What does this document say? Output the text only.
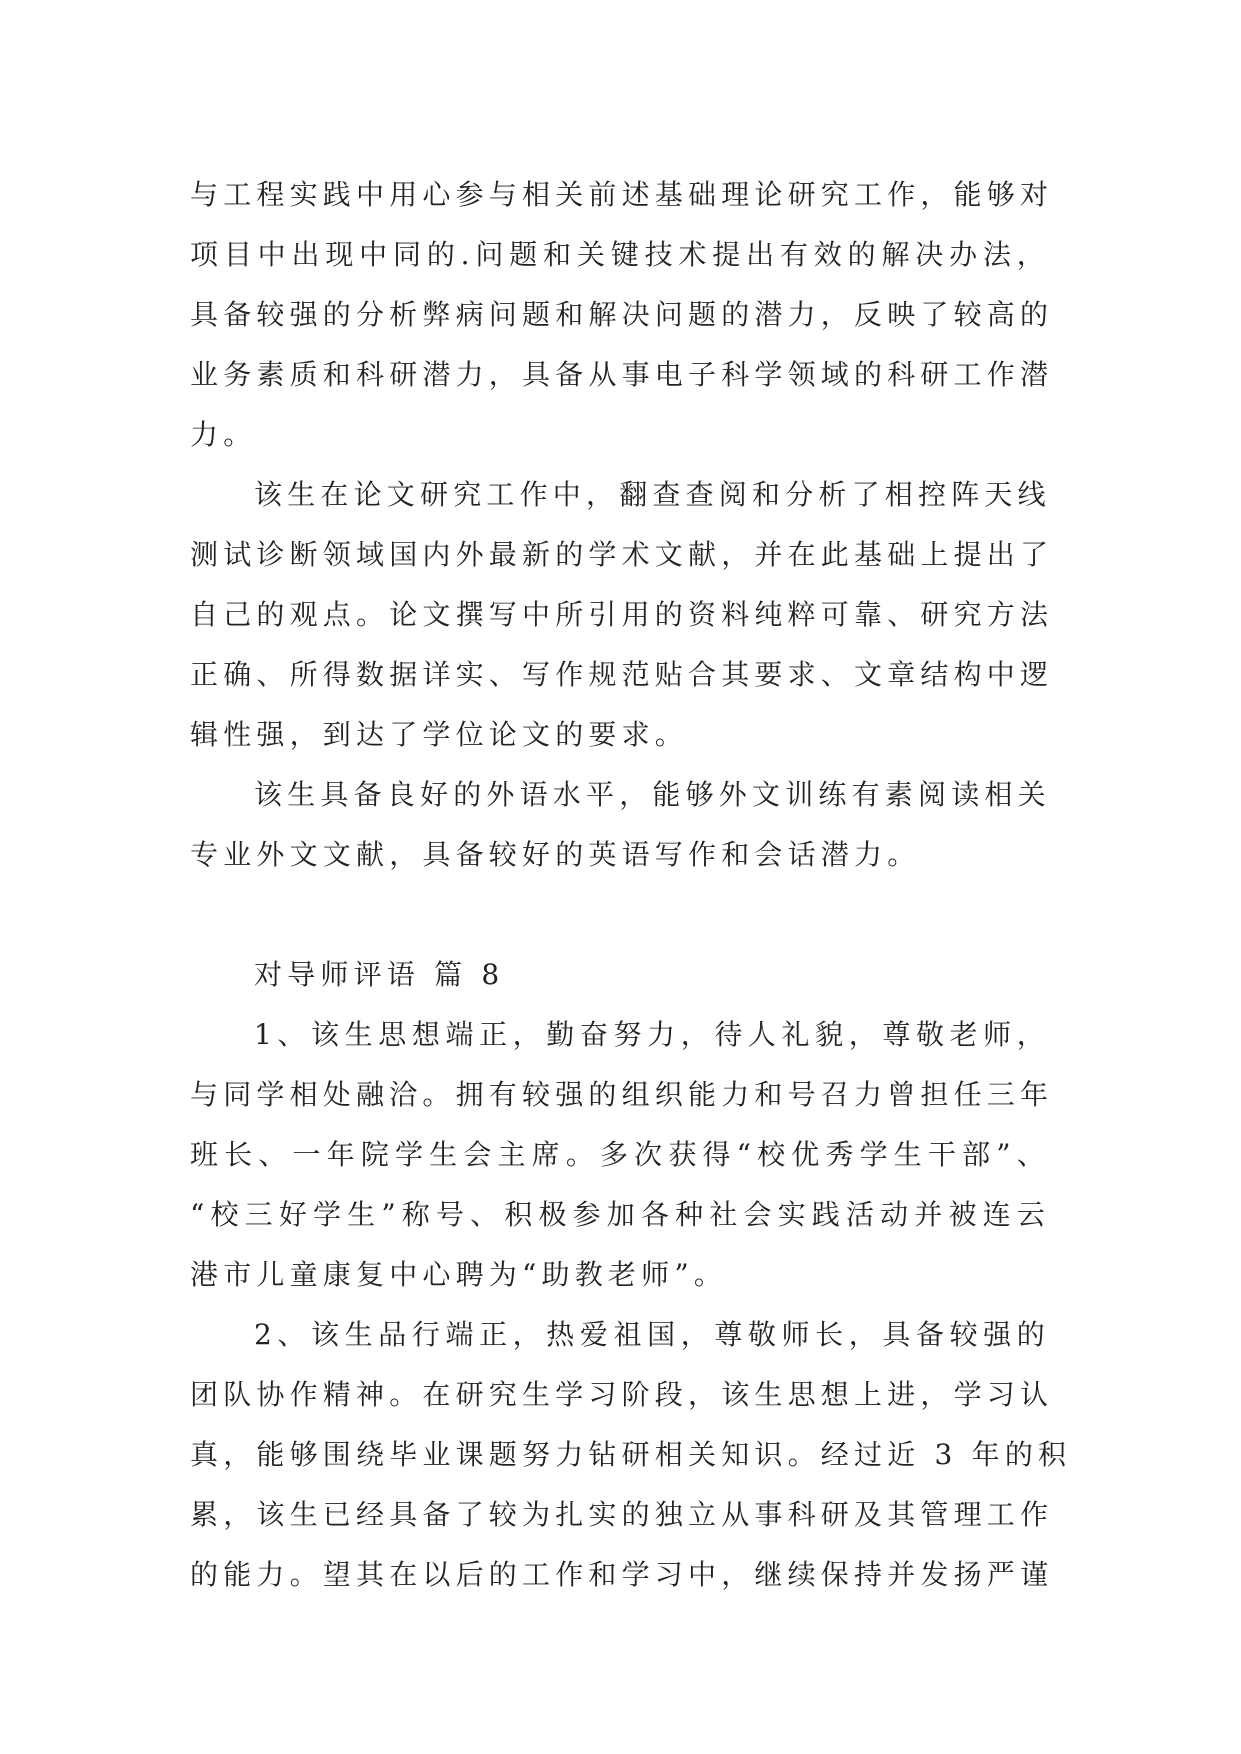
与工程实践中用心参与相关前述基础理论研究工作，能够对
项目中出现中同的.问题和关键技术提出有效的解决办法，
具备较强的分析弊病问题和解决问题的潜力，反映了较高的
业务素质和科研潜力，具备从事电子科学领域的科研工作潜
力。
该生在论文研究工作中，翻查查阅和分析了相控阵天线
测试诊断领域国内外最新的学术文献，并在此基础上提出了
自己的观点。论文撰写中所引用的资料纯粹可靠、研究方法
正确、所得数据详实、写作规范贴合其要求、文章结构中逻
辑性强，到达了学位论文的要求。
该生具备良好的外语水平，能够外文训练有素阅读相关
专业外文文献，具备较好的英语写作和会话潜力。
对导师评语 篇 8
1、该生思想端正，勤奋努力，待人礼貌，尊敬老师，
与同学相处融洽。拥有较强的组织能力和号召力曾担任三年
班长、一年院学生会主席。多次获得“校优秀学生干部”、
“校三好学生”称号、积极参加各种社会实践活动并被连云
港市儿童康复中心聘为“助教老师”。
2、该生品行端正，热爱祖国，尊敬师长，具备较强的
团队协作精神。在研究生学习阶段，该生思想上进，学习认
真，能够围绕毕业课题努力钻研相关知识。经过近 3 年的积
累，该生已经具备了较为扎实的独立从事科研及其管理工作
的能力。望其在以后的工作和学习中，继续保持并发扬严谨
